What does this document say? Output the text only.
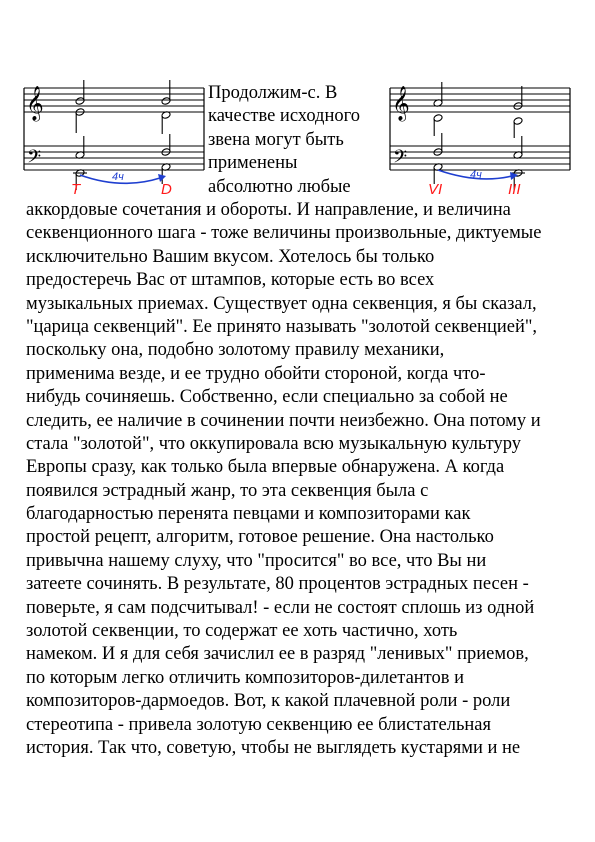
𝄞
𝄢
4ч
T	D
𝄞
𝄢
4ч
VI	III
Продолжим-с. В
качестве исходного
звена могут быть
применены
абсолютно любые
аккордовые сочетания и обороты. И направление, и величина
секвенционного шага - тоже величины произвольные, диктуемые
исключительно Вашим вкусом. Хотелось бы только
предостеречь Вас от штампов, которые есть во всех
музыкальных приемах. Существует одна секвенция, я бы сказал,
"царица секвенций". Ее принято называть "золотой секвенцией",
поскольку она, подобно золотому правилу механики,
применима везде, и ее трудно обойти стороной, когда что-
нибудь сочиняешь. Собственно, если специально за собой не
следить, ее наличие в сочинении почти неизбежно. Она потому и
стала "золотой", что оккупировала всю музыкальную культуру
Европы сразу, как только была впервые обнаружена. А когда
появился эстрадный жанр, то эта секвенция была с
благодарностью перенята певцами и композиторами как
простой рецепт, алгоритм, готовое решение. Она настолько
привычна нашему слуху, что "просится" во все, что Вы ни
затеете сочинять. В результате, 80 процентов эстрадных песен -
поверьте, я сам подсчитывал! - если не состоят сплошь из одной
золотой секвенции, то содержат ее хоть частично, хоть
намеком. И я для себя зачислил ее в разряд "ленивых" приемов,
по которым легко отличить композиторов-дилетантов и
композиторов-дармоедов. Вот, к какой плачевной роли - роли
стереотипа - привела золотую секвенцию ее блистательная
история. Так что, советую, чтобы не выглядеть кустарями и не
